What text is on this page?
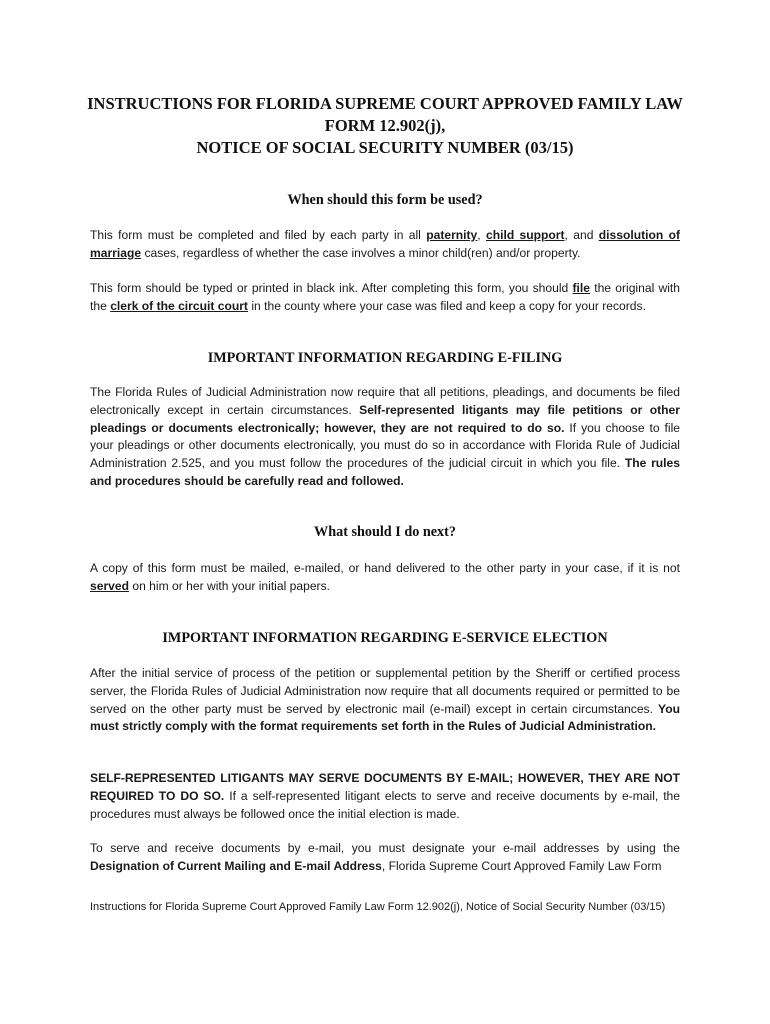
INSTRUCTIONS FOR FLORIDA SUPREME COURT APPROVED FAMILY LAW
FORM 12.902(j),
NOTICE OF SOCIAL SECURITY NUMBER (03/15)
When should this form be used?

This form must be completed and filed by each party in all paternity, child support, and dissolution of marriage cases, regardless of whether the case involves a minor child(ren) and/or property.

This form should be typed or printed in black ink. After completing this form, you should file the original with the clerk of the circuit court in the county where your case was filed and keep a copy for your records.

IMPORTANT INFORMATION REGARDING E-FILING

The Florida Rules of Judicial Administration now require that all petitions, pleadings, and documents be filed electronically except in certain circumstances. Self-represented litigants may file petitions or other pleadings or documents electronically; however, they are not required to do so. If you choose to file your pleadings or other documents electronically, you must do so in accordance with Florida Rule of Judicial Administration 2.525, and you must follow the procedures of the judicial circuit in which you file. The rules and procedures should be carefully read and followed.

What should I do next?

A copy of this form must be mailed, e-mailed, or hand delivered to the other party in your case, if it is not served on him or her with your initial papers.

IMPORTANT INFORMATION REGARDING E-SERVICE ELECTION

After the initial service of process of the petition or supplemental petition by the Sheriff or certified process server, the Florida Rules of Judicial Administration now require that all documents required or permitted to be served on the other party must be served by electronic mail (e-mail) except in certain circumstances. You must strictly comply with the format requirements set forth in the Rules of Judicial Administration.

SELF-REPRESENTED LITIGANTS MAY SERVE DOCUMENTS BY E-MAIL; HOWEVER, THEY ARE NOT REQUIRED TO DO SO. If a self-represented litigant elects to serve and receive documents by e-mail, the procedures must always be followed once the initial election is made.

To serve and receive documents by e-mail, you must designate your e-mail addresses by using the Designation of Current Mailing and E-mail Address, Florida Supreme Court Approved Family Law Form

Instructions for Florida Supreme Court Approved Family Law Form 12.902(j), Notice of Social Security Number (03/15)
